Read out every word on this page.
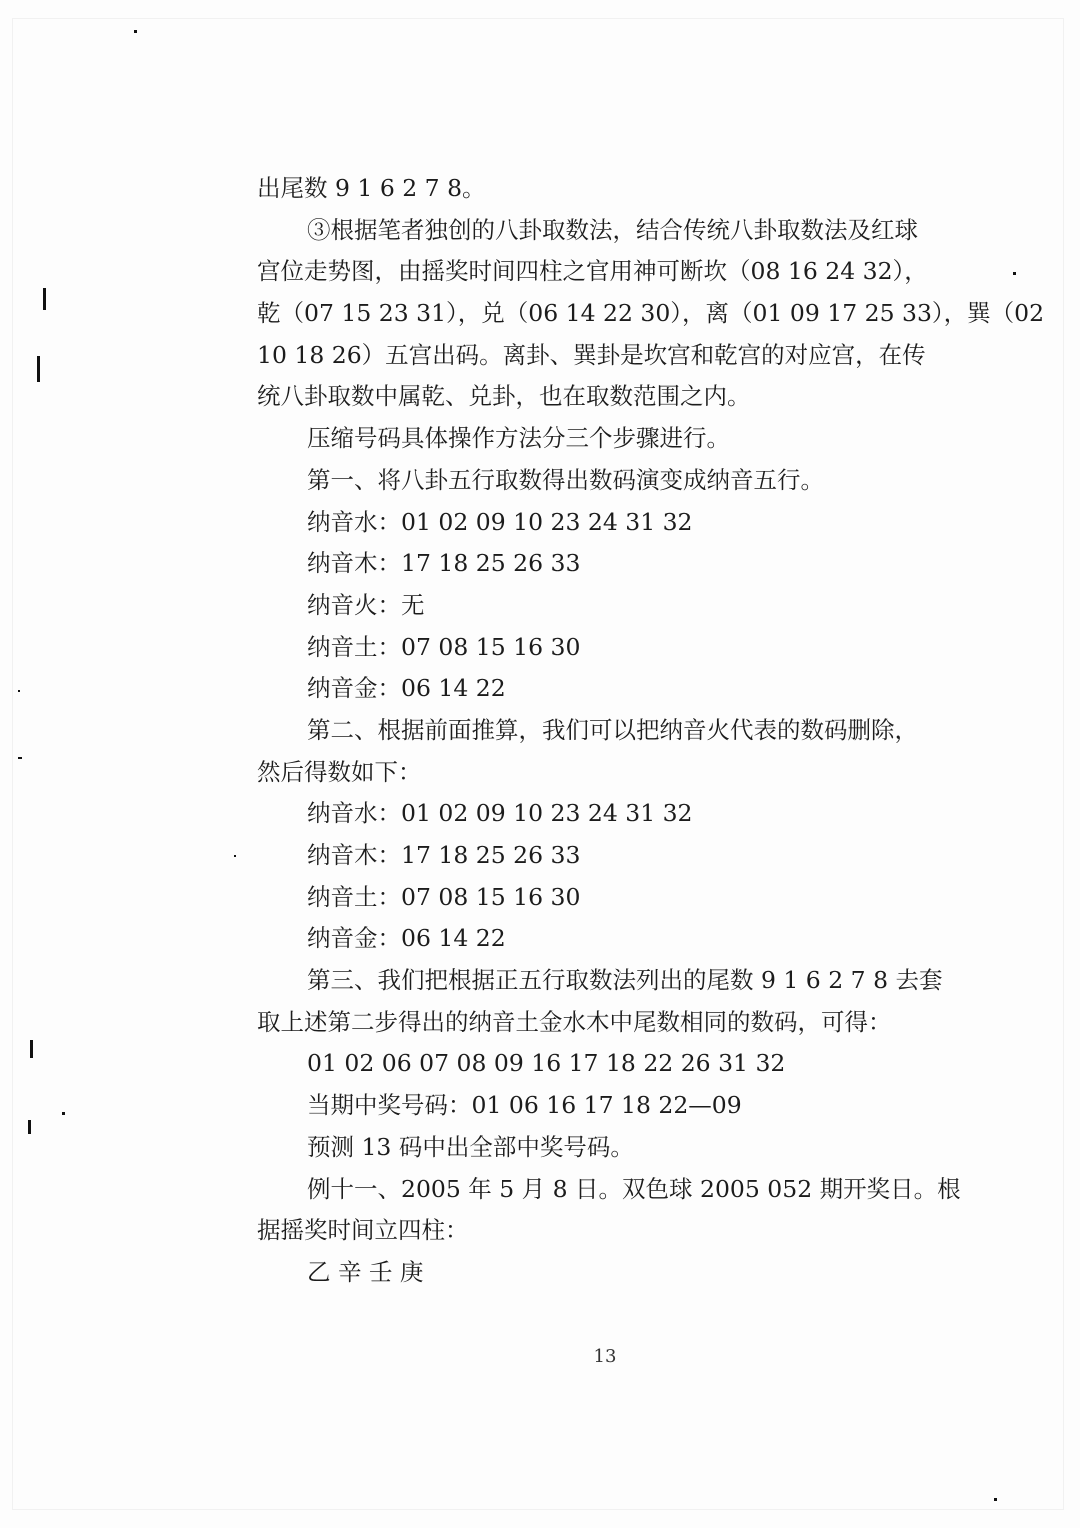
出尾数 9 1 6 2 7 8。
③根据笔者独创的八卦取数法，结合传统八卦取数法及红球
宫位走势图，由摇奖时间四柱之官用神可断坎（08 16 24 32），
乾（07 15 23 31），兑（06 14 22 30），离（01 09 17 25 33），巽（02
10 18 26）五宫出码。离卦、巽卦是坎宫和乾宫的对应宫，在传
统八卦取数中属乾、兑卦，也在取数范围之内。
压缩号码具体操作方法分三个步骤进行。
第一、将八卦五行取数得出数码演变成纳音五行。
纳音水：01 02 09 10 23 24 31 32
纳音木：17 18 25 26 33
纳音火：无
纳音土：07 08 15 16 30
纳音金：06 14 22
第二、根据前面推算，我们可以把纳音火代表的数码删除，
然后得数如下：
纳音水：01 02 09 10 23 24 31 32
纳音木：17 18 25 26 33
纳音土：07 08 15 16 30
纳音金：06 14 22
第三、我们把根据正五行取数法列出的尾数 9 1 6 2 7 8 去套
取上述第二步得出的纳音土金水木中尾数相同的数码，可得：
01 02 06 07 08 09 16 17 18 22 26 31 32
当期中奖号码：01 06 16 17 18 22—09
预测 13 码中出全部中奖号码。
例十一、2005 年 5 月 8 日。双色球 2005 052 期开奖日。根
据摇奖时间立四柱：
乙 辛 壬 庚
13
